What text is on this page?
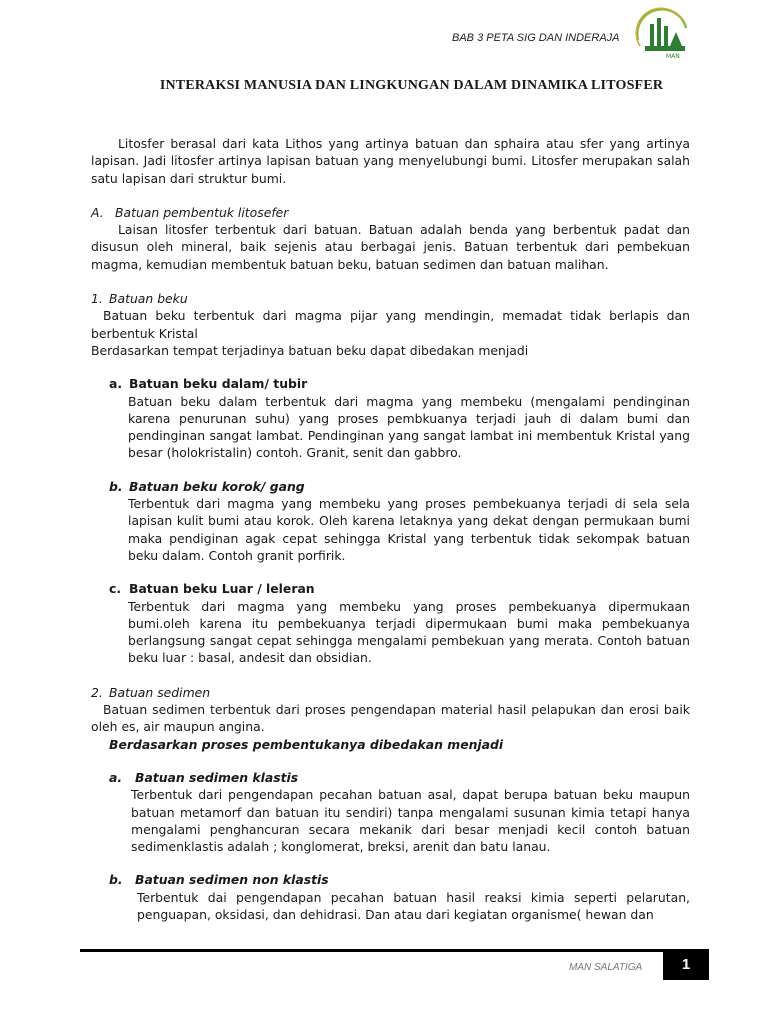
BAB 3 PETA SIG DAN INDERAJA
MAN
INTERAKSI MANUSIA DAN LINGKUNGAN DALAM DINAMIKA LITOSFER

Litosfer berasal dari kata Lithos yang artinya batuan dan sphaira atau sfer yang artinya lapisan. Jadi litosfer artinya lapisan batuan yang menyelubungi bumi. Litosfer merupakan salah satu lapisan dari struktur bumi.

A. Batuan pembentuk litosefer

Laisan litosfer terbentuk dari batuan. Batuan adalah benda yang berbentuk padat dan disusun oleh mineral, baik sejenis atau berbagai jenis. Batuan terbentuk dari pembekuan magma, kemudian membentuk batuan beku, batuan sedimen dan batuan malihan.

1. Batuan beku

Batuan beku terbentuk dari magma pijar yang mendingin, memadat tidak berlapis dan berbentuk Kristal

Berdasarkan tempat terjadinya batuan beku dapat dibedakan menjadi

a. Batuan beku dalam/ tubir

Batuan beku dalam terbentuk dari magma yang membeku (mengalami pendinginan karena penurunan suhu) yang proses pembkuanya terjadi jauh di dalam bumi dan pendinginan sangat lambat. Pendinginan yang sangat lambat ini membentuk Kristal yang besar (holokristalin) contoh. Granit, senit dan gabbro.

b. Batuan beku korok/ gang

Terbentuk dari magma yang membeku yang proses pembekuanya terjadi di sela sela lapisan kulit bumi atau korok. Oleh karena letaknya yang dekat dengan permukaan bumi maka pendiginan agak cepat sehingga Kristal yang terbentuk tidak sekompak batuan beku dalam. Contoh granit porfirik.

c. Batuan beku Luar / leleran

Terbentuk dari magma yang membeku yang proses pembekuanya dipermukaan bumi.oleh karena itu pembekuanya terjadi dipermukaan bumi maka pembekuanya berlangsung sangat cepat sehingga mengalami pembekuan yang merata. Contoh batuan beku luar : basal, andesit dan obsidian.

2. Batuan sedimen

Batuan sedimen terbentuk dari proses pengendapan material hasil pelapukan dan erosi baik oleh es, air maupun angina.

Berdasarkan proses pembentukanya dibedakan menjadi

a. Batuan sedimen klastis

Terbentuk dari pengendapan pecahan batuan asal, dapat berupa batuan beku maupun batuan metamorf dan batuan itu sendiri) tanpa mengalami susunan kimia tetapi hanya mengalami penghancuran secara mekanik dari besar menjadi kecil contoh batuan sedimenklastis adalah ; konglomerat, breksi, arenit dan batu lanau.

b. Batuan sedimen non klastis

Terbentuk dai pengendapan pecahan batuan hasil reaksi kimia seperti pelarutan, penguapan, oksidasi, dan dehidrasi. Dan atau dari kegiatan organisme( hewan dan

MAN SALATIGA	1
